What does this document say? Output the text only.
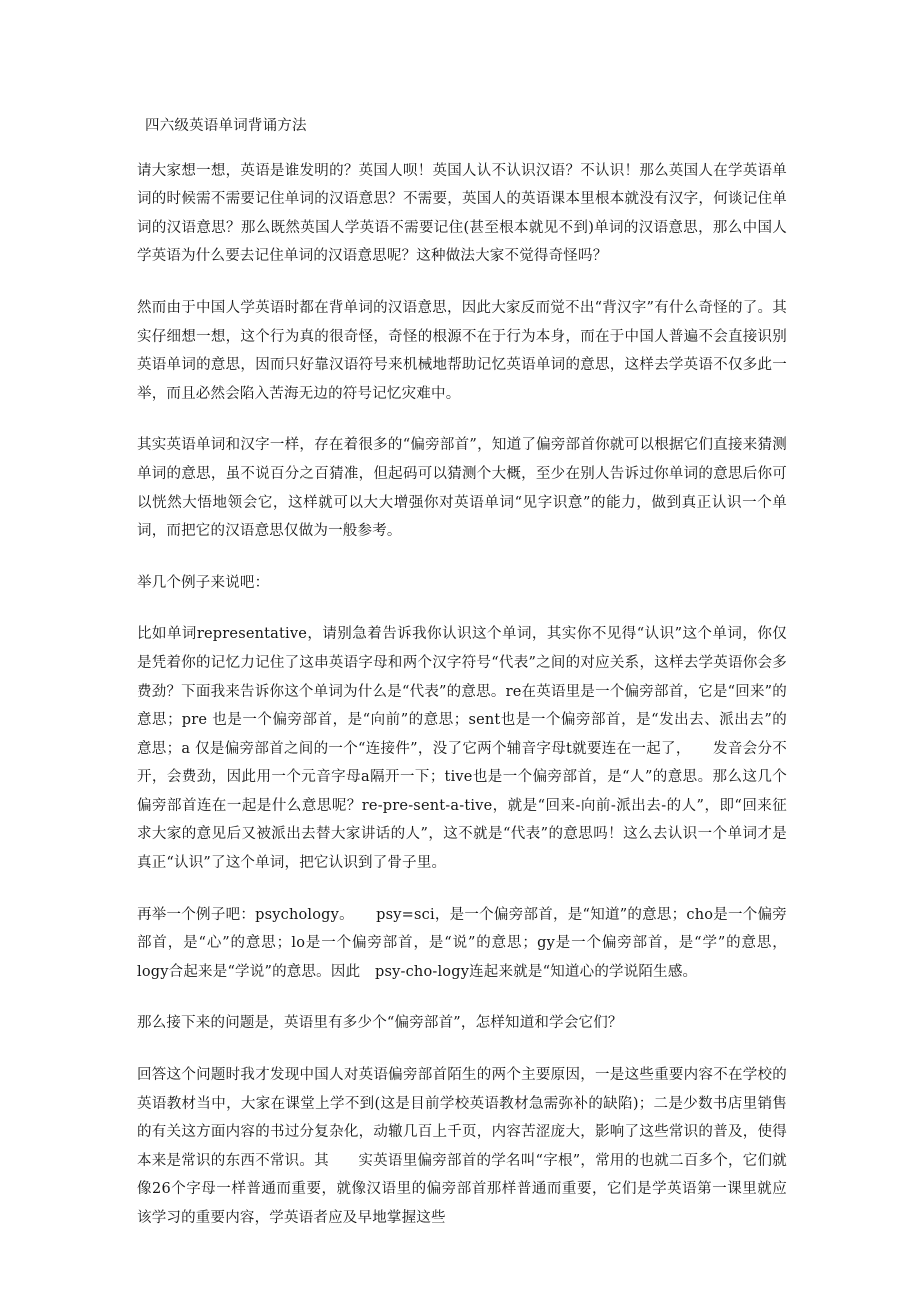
四六级英语单词背诵方法

请大家想一想，英语是谁发明的？英国人呗！英国人认不认识汉语？不认识！那么英国人在学英语单词的时候需不需要记住单词的汉语意思？不需要，英国人的英语课本里根本就没有汉字，何谈记住单词的汉语意思？那么既然英国人学英语不需要记住(甚至根本就见不到)单词的汉语意思，那么中国人学英语为什么要去记住单词的汉语意思呢？这种做法大家不觉得奇怪吗？

然而由于中国人学英语时都在背单词的汉语意思，因此大家反而觉不出“背汉字”有什么奇怪的了。其实仔细想一想，这个行为真的很奇怪，奇怪的根源不在于行为本身，而在于中国人普遍不会直接识别英语单词的意思，因而只好靠汉语符号来机械地帮助记忆英语单词的意思，这样去学英语不仅多此一举，而且必然会陷入苦海无边的符号记忆灾难中。

其实英语单词和汉字一样，存在着很多的“偏旁部首”，知道了偏旁部首你就可以根据它们直接来猜测单词的意思，虽不说百分之百猜准，但起码可以猜测个大概，至少在别人告诉过你单词的意思后你可以恍然大悟地领会它，这样就可以大大增强你对英语单词“见字识意”的能力，做到真正认识一个单词，而把它的汉语意思仅做为一般参考。

举几个例子来说吧：

比如单词representative，请别急着告诉我你认识这个单词，其实你不见得“认识”这个单词，你仅是凭着你的记忆力记住了这串英语字母和两个汉字符号“代表”之间的对应关系，这样去学英语你会多费劲？下面我来告诉你这个单词为什么是“代表”的意思。re在英语里是一个偏旁部首，它是“回来”的意思；pre 也是一个偏旁部首，是“向前”的意思；sent也是一个偏旁部首，是“发出去、派出去”的意思；a 仅是偏旁部首之间的一个“连接件”，没了它两个辅音字母t就要连在一起了，　　发音会分不开，会费劲，因此用一个元音字母a隔开一下；tive也是一个偏旁部首，是“人”的意思。那么这几个偏旁部首连在一起是什么意思呢？re-pre-sent-a-tive，就是“回来-向前-派出去-的人”，即“回来征求大家的意见后又被派出去替大家讲话的人”，这不就是“代表”的意思吗！这么去认识一个单词才是真正“认识”了这个单词，把它认识到了骨子里。

再举一个例子吧：psychology。　　psy=sci，是一个偏旁部首，是“知道”的意思；cho是一个偏旁部首，是“心”的意思；lo是一个偏旁部首，是“说”的意思；gy是一个偏旁部首，是“学”的意思，logy合起来是“学说”的意思。因此　psy-cho-logy连起来就是“知道心的学说陌生感。

那么接下来的问题是，英语里有多少个“偏旁部首”，怎样知道和学会它们？

回答这个问题时我才发现中国人对英语偏旁部首陌生的两个主要原因，一是这些重要内容不在学校的英语教材当中，大家在课堂上学不到(这是目前学校英语教材急需弥补的缺陷)；二是少数书店里销售的有关这方面内容的书过分复杂化，动辙几百上千页，内容苦涩庞大，影响了这些常识的普及，使得本来是常识的东西不常识。其　　实英语里偏旁部首的学名叫“字根”，常用的也就二百多个，它们就像26个字母一样普通而重要，就像汉语里的偏旁部首那样普通而重要，它们是学英语第一课里就应该学习的重要内容，学英语者应及早地掌握这些
